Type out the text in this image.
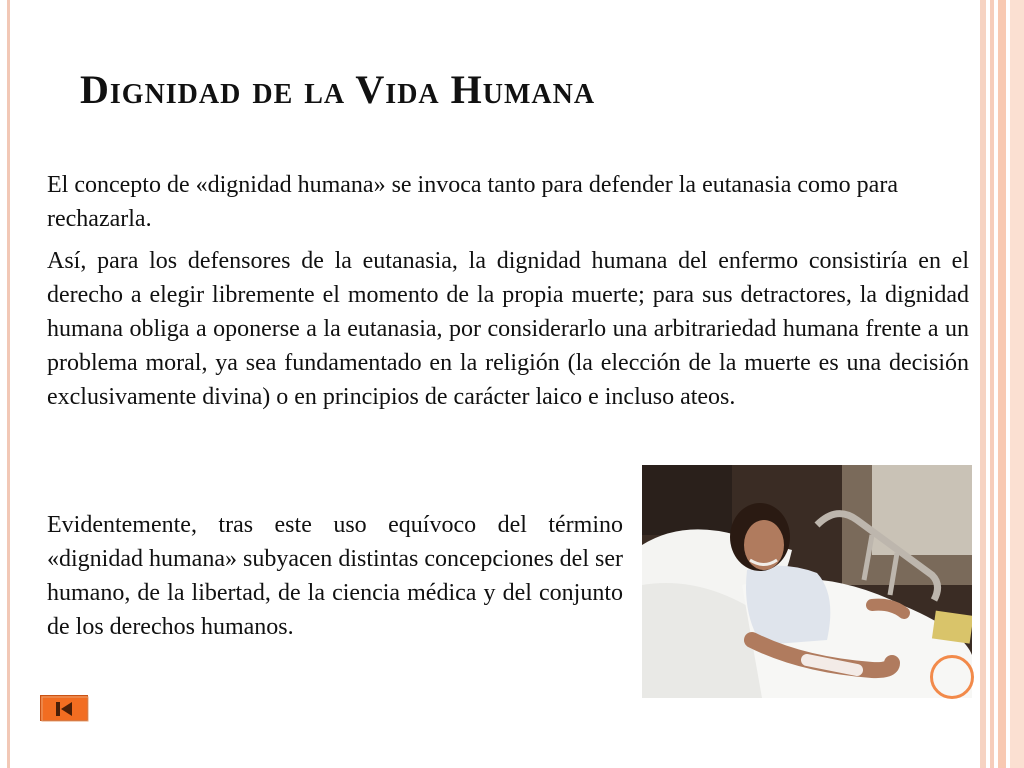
Dignidad de la Vida Humana
El concepto de «dignidad humana» se invoca tanto para defender la eutanasia como para rechazarla.
Así, para los defensores de la eutanasia, la dignidad humana del enfermo consistiría en el derecho a elegir libremente el momento de la propia muerte; para sus detractores, la dignidad humana obliga a oponerse a la eutanasia, por considerarlo una arbitrariedad humana frente a un problema moral, ya sea fundamentado en la religión (la elección de la muerte es una decisión exclusivamente divina) o en principios de carácter laico e incluso ateos.
Evidentemente, tras este uso equívoco del término «dignidad humana» subyacen distintas concepciones del ser humano, de la libertad, de la ciencia médica y del conjunto de los derechos humanos.
